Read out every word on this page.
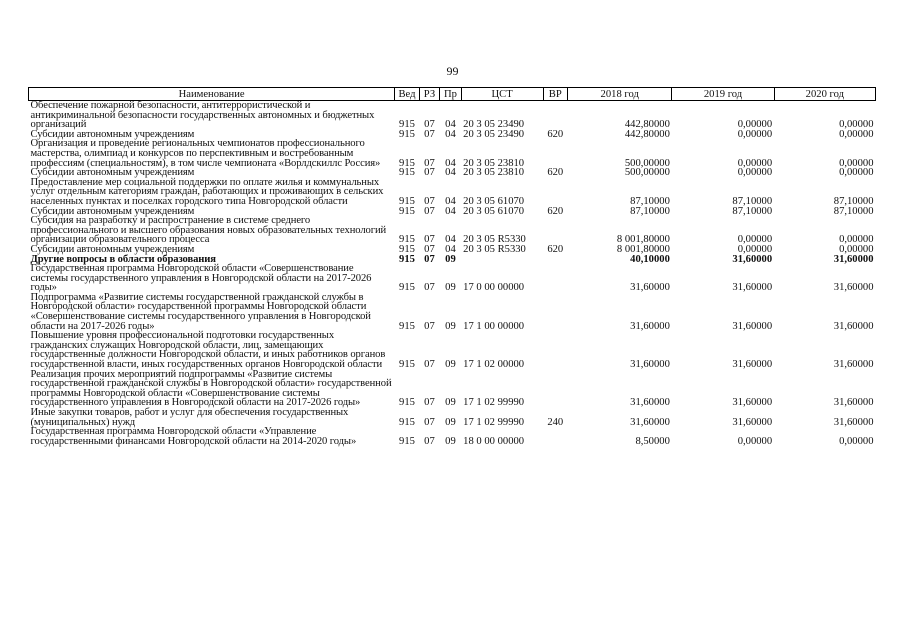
99
Наименование	Вед	РЗ	Пр	ЦСТ	ВР	2018 год	2019 год	2020 год
Обеспечение пожарной безопасности, антитеррористической и антикриминальной безопасности государственных автономных и бюджетных организаций	915	07	04	20 3 05 23490		442,80000	0,00000	0,00000
Субсидии автономным учреждениям	915	07	04	20 3 05 23490	620	442,80000	0,00000	0,00000
Организация и проведение региональных чемпионатов профессионального мастерства, олимпиад и конкурсов по перспективным и востребованным профессиям (специальностям), в том числе чемпионата «Ворлдскиллс Россия»	915	07	04	20 3 05 23810		500,00000	0,00000	0,00000
Субсидии автономным учреждениям	915	07	04	20 3 05 23810	620	500,00000	0,00000	0,00000
Предоставление мер социальной поддержки по оплате жилья и коммунальных услуг отдельным категориям граждан, работающих и проживающих в сельских населенных пунктах и поселках городского типа Новгородской области	915	07	04	20 3 05 61070		87,10000	87,10000	87,10000
Субсидии автономным учреждениям	915	07	04	20 3 05 61070	620	87,10000	87,10000	87,10000
Субсидия на разработку и распространение в системе среднего профессионального и высшего образования новых образовательных технологий организации образовательного процесса	915	07	04	20 3 05 R5330		8 001,80000	0,00000	0,00000
Субсидии автономным учреждениям	915	07	04	20 3 05 R5330	620	8 001,80000	0,00000	0,00000
Другие вопросы в области образования	915	07	09			40,10000	31,60000	31,60000
Государственная программа Новгородской области «Совершенствование системы государственного управления в Новгородской области на 2017-2026 годы»	915	07	09	17 0 00 00000		31,60000	31,60000	31,60000
Подпрограмма «Развитие системы государственной гражданской службы в Новгородской области» государственной программы Новгородской области «Совершенствование системы государственного управления в Новгородской области на 2017-2026 годы»	915	07	09	17 1 00 00000		31,60000	31,60000	31,60000
Повышение уровня профессиональной подготовки государственных гражданских служащих Новгородской области, лиц, замещающих государственные должности Новгородской области, и иных работников органов государственной власти, иных государственных органов Новгородской области	915	07	09	17 1 02 00000		31,60000	31,60000	31,60000
Реализация прочих мероприятий подпрограммы «Развитие системы государственной гражданской службы в Новгородской области» государственной программы Новгородской области «Совершенствование системы государственного управления в Новгородской области на 2017-2026 годы»	915	07	09	17 1 02 99990		31,60000	31,60000	31,60000
Иные закупки товаров, работ и услуг для обеспечения государственных (муниципальных) нужд	915	07	09	17 1 02 99990	240	31,60000	31,60000	31,60000
Государственная программа Новгородской области «Управление государственными финансами Новгородской области на 2014-2020 годы»	915	07	09	18 0 00 00000		8,50000	0,00000	0,00000
